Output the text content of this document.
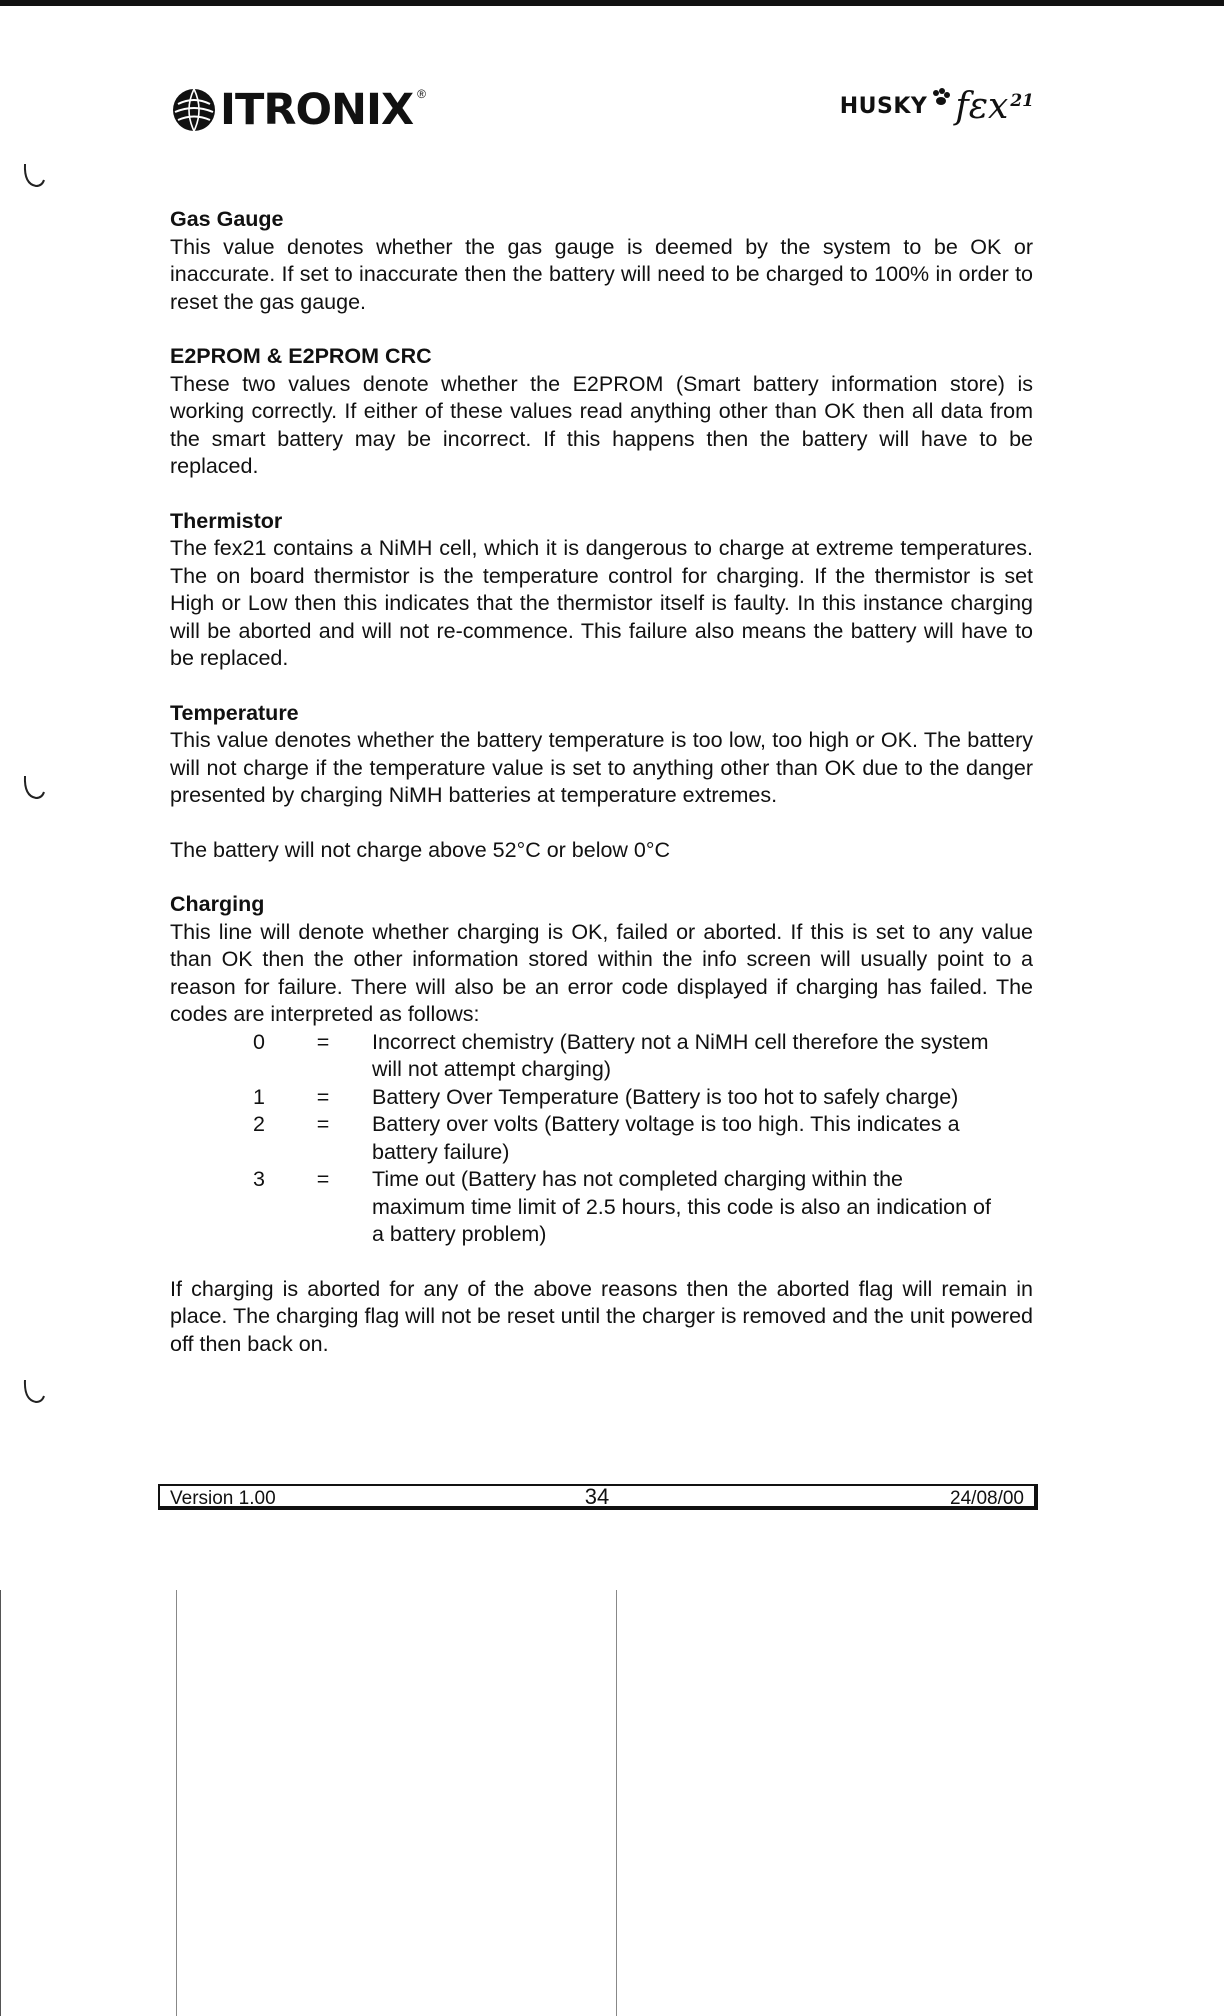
ITRONIX ®	HUSKY fεx 21
Gas Gauge

This value denotes whether the gas gauge is deemed by the system to be OK or inaccurate. If set to inaccurate then the battery will need to be charged to 100% in order to reset the gas gauge.

E2PROM & E2PROM CRC

These two values denote whether the E2PROM (Smart battery information store) is working correctly. If either of these values read anything other than OK then all data from the smart battery may be incorrect. If this happens then the battery will have to be replaced.

Thermistor

The fex21 contains a NiMH cell, which it is dangerous to charge at extreme temperatures. The on board thermistor is the temperature control for charging. If the thermistor is set High or Low then this indicates that the thermistor itself is faulty. In this instance charging will be aborted and will not re-commence. This failure also means the battery will have to be replaced.

Temperature

This value denotes whether the battery temperature is too low, too high or OK. The battery will not charge if the temperature value is set to anything other than OK due to the danger presented by charging NiMH batteries at temperature extremes.

The battery will not charge above 52°C or below 0°C

Charging

This line will denote whether charging is OK, failed or aborted. If this is set to any value than OK then the other information stored within the info screen will usually point to a reason for failure. There will also be an error code displayed if charging has failed. The codes are interpreted as follows:

0	= Incorrect chemistry (Battery not a NiMH cell therefore the system will not attempt charging)
1	= Battery Over Temperature (Battery is too hot to safely charge)
2	= Battery over volts (Battery voltage is too high. This indicates a battery failure)
3	= Time out (Battery has not completed charging within the maximum time limit of 2.5 hours, this code is also an indication of a battery problem)

If charging is aborted for any of the above reasons then the aborted flag will remain in place. The charging flag will not be reset until the charger is removed and the unit powered off then back on.

Version 1.00	34	24/08/00
